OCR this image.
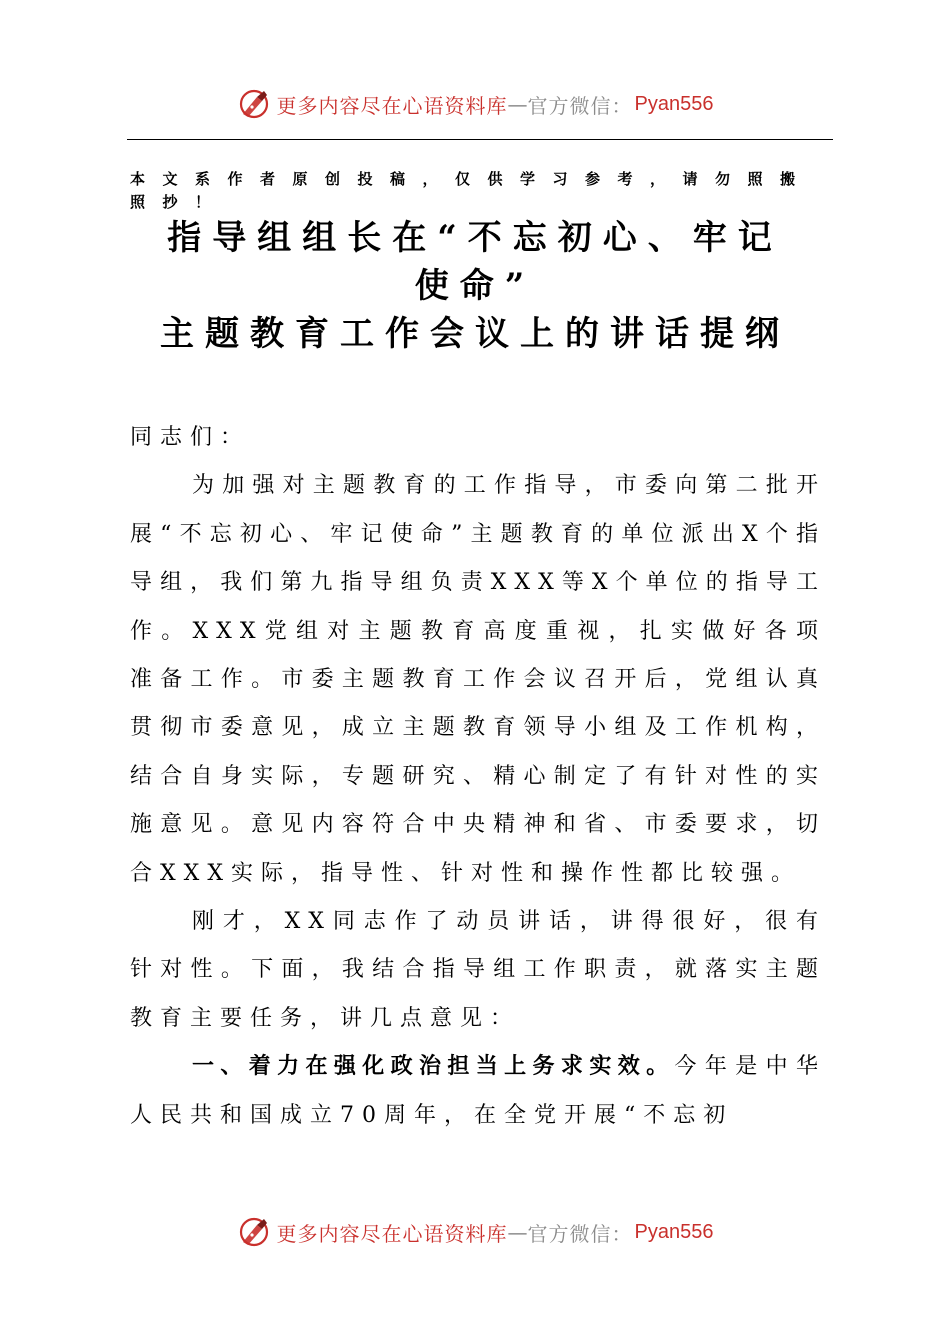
更多内容尽在心语资料库 — 官方微信： Pyan556
本文系作者原创投稿，仅供学习参考，请勿照搬照抄！
指导组组长在“不忘初心、牢记
使命”
主题教育工作会议上的讲话提纲

同志们：

为加强对主题教育的工作指导，市委向第二批开展“不忘初心、牢记使命”主题教育的单位派出X个指导组，我们第九指导组负责XXX等X个单位的指导工作。XXX党组对主题教育高度重视，扎实做好各项准备工作。市委主题教育工作会议召开后，党组认真贯彻市委意见，成立主题教育领导小组及工作机构，结合自身实际，专题研究、精心制定了有针对性的实施意见。意见内容符合中央精神和省、市委要求，切合XXX实际，指导性、针对性和操作性都比较强。

刚才，XX同志作了动员讲话，讲得很好，很有针对性。下面，我结合指导组工作职责，就落实主题教育主要任务，讲几点意见：

一、着力在强化政治担当上务求实效。今年是中华人民共和国成立70周年，在全党开展“不忘初

更多内容尽在心语资料库 — 官方微信： Pyan556
